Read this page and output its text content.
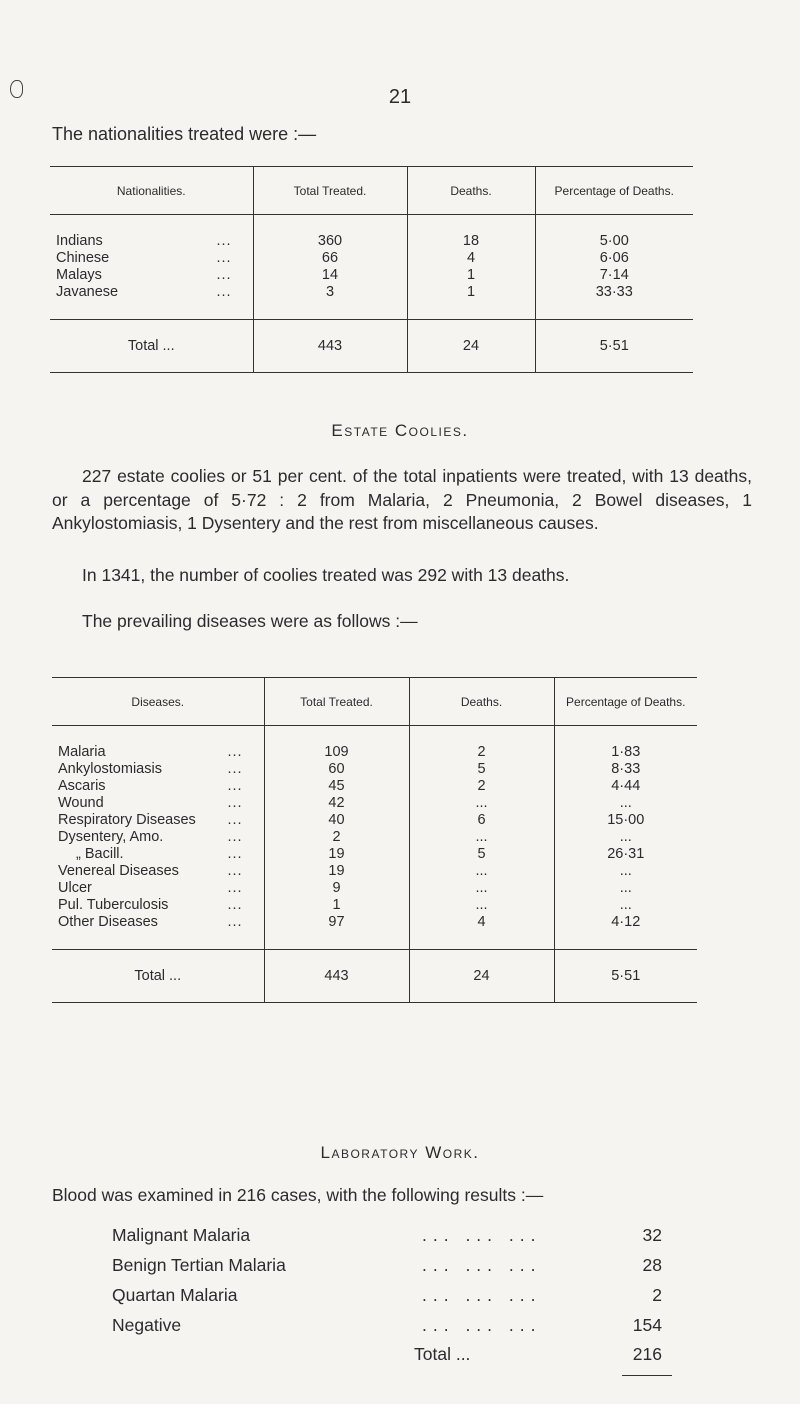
21
The nationalities treated were :—
Nationalities.	Total Treated.	Deaths.	Percentage of Deaths.

Indians ...	360	18	5·00
Chinese ...	66	4	6·06
Malays ...	14	1	7·14
Javanese ...	3	1	33·33

Total ...	443	24	5·51
Estate Coolies.
227 estate coolies or 51 per cent. of the total inpatients were treated, with 13 deaths, or a percentage of 5·72 : 2 from Malaria, 2 Pneumonia, 2 Bowel diseases, 1 Ankylostomiasis, 1 Dysentery and the rest from miscellaneous causes.
In 1341, the number of coolies treated was 292 with 13 deaths.
The prevailing diseases were as follows :—
Diseases.	Total Treated.	Deaths.	Percentage of Deaths.

Malaria ...	109	2	1·83
Ankylostomiasis ...	60	5	8·33
Ascaris ...	45	2	4·44
Wound ...	42	...	...
Respiratory Diseases ...	40	6	15·00
Dysentery, Amo. ...	2	...	...
„ Bacill. ...	19	5	26·31
Venereal Diseases ...	19	...	...
Ulcer ...	9	...	...
Pul. Tuberculosis ...	1	...	...
Other Diseases ...	97	4	4·12

Total ...	443	24	5·51
Laboratory Work.
Blood was examined in 216 cases, with the following results :—
Malignant Malaria	... ... ...	32
Benign Tertian Malaria	... ... ...	28
Quartan Malaria	... ... ...	2
Negative	... ... ...	154
Total ...	216
